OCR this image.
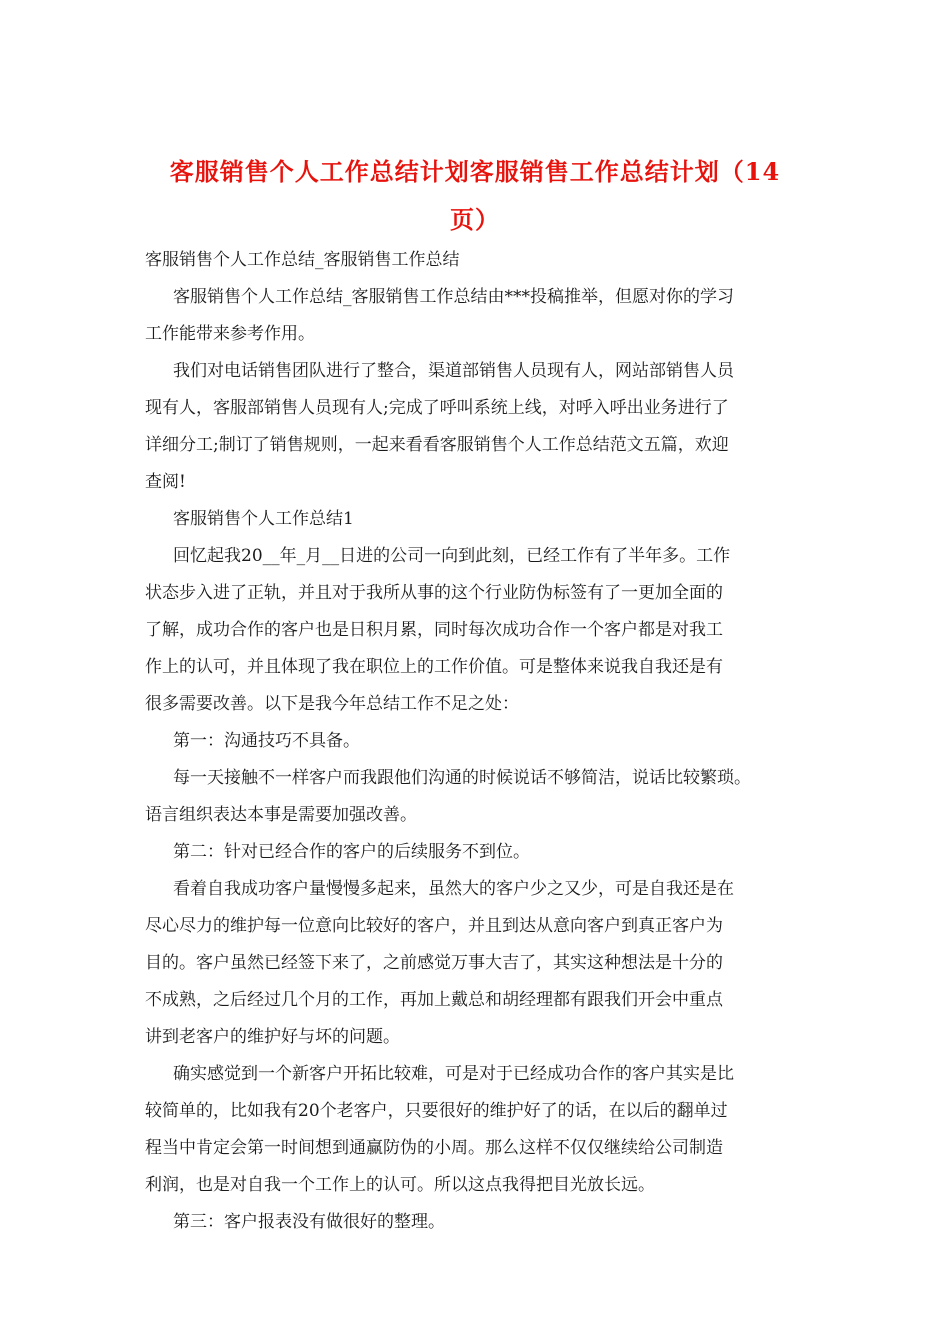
客服销售个人工作总结计划客服销售工作总结计划（14
页）
客服销售个人工作总结_客服销售工作总结
客服销售个人工作总结_客服销售工作总结由***投稿推举，但愿对你的学习
工作能带来参考作用。
我们对电话销售团队进行了整合，渠道部销售人员现有人，网站部销售人员
现有人，客服部销售人员现有人;完成了呼叫系统上线，对呼入呼出业务进行了
详细分工;制订了销售规则，一起来看看客服销售个人工作总结范文五篇，欢迎
查阅!
客服销售个人工作总结1
回忆起我20__年_月__日进的公司一向到此刻，已经工作有了半年多。工作
状态步入进了正轨，并且对于我所从事的这个行业防伪标签有了一更加全面的
了解，成功合作的客户也是日积月累，同时每次成功合作一个客户都是对我工
作上的认可，并且体现了我在职位上的工作价值。可是整体来说我自我还是有
很多需要改善。以下是我今年总结工作不足之处：
第一：沟通技巧不具备。
每一天接触不一样客户而我跟他们沟通的时候说话不够简洁，说话比较繁琐。
语言组织表达本事是需要加强改善。
第二：针对已经合作的客户的后续服务不到位。
看着自我成功客户量慢慢多起来，虽然大的客户少之又少，可是自我还是在
尽心尽力的维护每一位意向比较好的客户，并且到达从意向客户到真正客户为
目的。客户虽然已经签下来了，之前感觉万事大吉了，其实这种想法是十分的
不成熟，之后经过几个月的工作，再加上戴总和胡经理都有跟我们开会中重点
讲到老客户的维护好与坏的问题。
确实感觉到一个新客户开拓比较难，可是对于已经成功合作的客户其实是比
较简单的，比如我有20个老客户，只要很好的维护好了的话，在以后的翻单过
程当中肯定会第一时间想到通赢防伪的小周。那么这样不仅仅继续给公司制造
利润，也是对自我一个工作上的认可。所以这点我得把目光放长远。
第三：客户报表没有做很好的整理。
